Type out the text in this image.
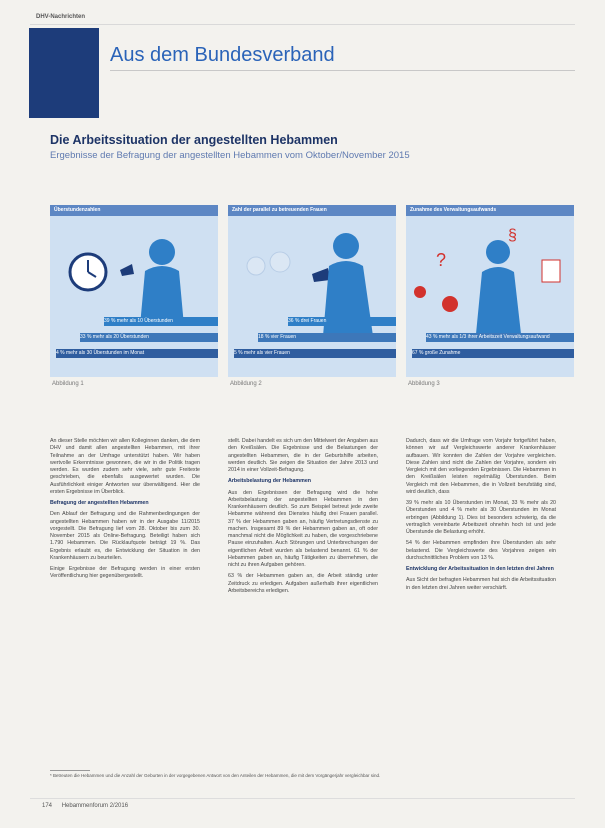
DHV-Nachrichten
Aus dem Bundesverband
Die Arbeitssituation der angestellten Hebammen
Ergebnisse der Befragung der angestellten Hebammen vom Oktober/November 2015
Überstundenzahlen
39 % mehr als 10 Überstunden
33 % mehr als 20 Überstunden
4 % mehr als 30 Überstunden im Monat
Zahl der parallel zu betreuenden Frauen
36 % drei Frauen
18 % vier Frauen
5 % mehr als vier Frauen
Zunahme des Verwaltungsaufwands
?
§
43 % mehr als 1/3 ihrer Arbeitszeit Verwaltungsaufwand
67 % große Zunahme
Abbildung 1	Abbildung 2	Abbildung 3

An dieser Stelle möchten wir allen Kolleginnen danken, die dem DHV und damit allen angestellten Hebammen, mit ihrer Teilnahme an der Umfrage unterstützt haben. Wir haben wertvolle Erkenntnisse gewonnen, die wir in die Politik tragen werden. Es wurden zudem sehr viele, sehr gute Freitexte geschrieben, die ebenfalls ausgewertet wurden. Die Ausführlichkeit einiger Antworten war überwältigend. Hier die ersten Ergebnisse im Überblick.

Befragung der angestellten Hebammen

Den Ablauf der Befragung und die Rahmenbedingungen der angestellten Hebammen haben wir in der Ausgabe 11/2015 vorgestellt. Die Befragung lief vom 28. Oktober bis zum 30. November 2015 als Online-Befragung. Beteiligt haben sich 1.790 Hebammen. Die Rücklaufquote beträgt 19 %. Das Ergebnis erlaubt es, die Entwicklung der Situation in den Krankenhäusern zu beurteilen.

Einige Ergebnisse der Befragung werden in einer ersten Veröffentlichung hier gegenübergestellt.

stellt. Dabei handelt es sich um den Mittelwert der Angaben aus den Kreißsälen. Die Ergebnisse und die Belastungen der angestellten Hebammen, die in der Geburtshilfe arbeiten, werden deutlich. Sie zeigen die Situation der Jahre 2013 und 2014 in einer Vollzeit-Befragung.

Arbeitsbelastung der Hebammen

Aus den Ergebnissen der Befragung wird die hohe Arbeitsbelastung der angestellten Hebammen in den Krankenhäusern deutlich. So zum Beispiel betreut jede zweite Hebamme während des Dienstes häufig drei Frauen parallel. 37 % der Hebammen gaben an, häufig Vertretungsdienste zu machen. Insgesamt 89 % der Hebammen gaben an, oft oder manchmal nicht die Möglichkeit zu haben, die vorgeschriebene Pause einzuhalten. Auch Störungen und Unterbrechungen der eigentlichen Arbeit wurden als belastend benannt. 61 % der Hebammen gaben an, häufig Tätigkeiten zu übernehmen, die nicht zu ihren Aufgaben gehören.

63 % der Hebammen gaben an, die Arbeit ständig unter Zeitdruck zu erledigen. Aufgaben außerhalb ihrer eigentlichen Arbeitsbereichs erledigen.

Dadurch, dass wir die Umfrage vom Vorjahr fortgeführt haben, können wir auf Vergleichswerte anderer Krankenhäuser aufbauen. Wir konnten die Zahlen der Vorjahre vergleichen. Diese Zahlen sind nicht die Zahlen der Vorjahre, sondern ein Vergleich mit den vorliegenden Ergebnissen. Die Hebammen in den Kreißsälen leisten regelmäßig Überstunden. Beim Vergleich mit den Hebammen, die in Vollzeit berufstätig sind, wird deutlich, dass

39 % mehr als 10 Überstunden im Monat, 33 % mehr als 20 Überstunden und 4 % mehr als 30 Überstunden im Monat erbringen (Abbildung 1). Dies ist besonders schwierig, da die vertraglich vereinbarte Arbeitszeit ohnehin hoch ist und jede Überstunde die Belastung erhöht.

54 % der Hebammen empfinden ihre Überstunden als sehr belastend. Die Vergleichswerte des Vorjahres zeigen ein durchschnittliches Problem von 13 %.

Entwicklung der Arbeitssituation in den letzten drei Jahren

Aus Sicht der befragten Hebammen hat sich die Arbeitssituation in den letzten drei Jahren weiter verschärft.

* Betreuten die Hebammen und die Anzahl der Geburten in der vorgegebenen Antwort von den Anteilen der Hebammen, die mit dem Vorgängerjahr vergleichbar sind.
174 Hebammenforum 2/2016
